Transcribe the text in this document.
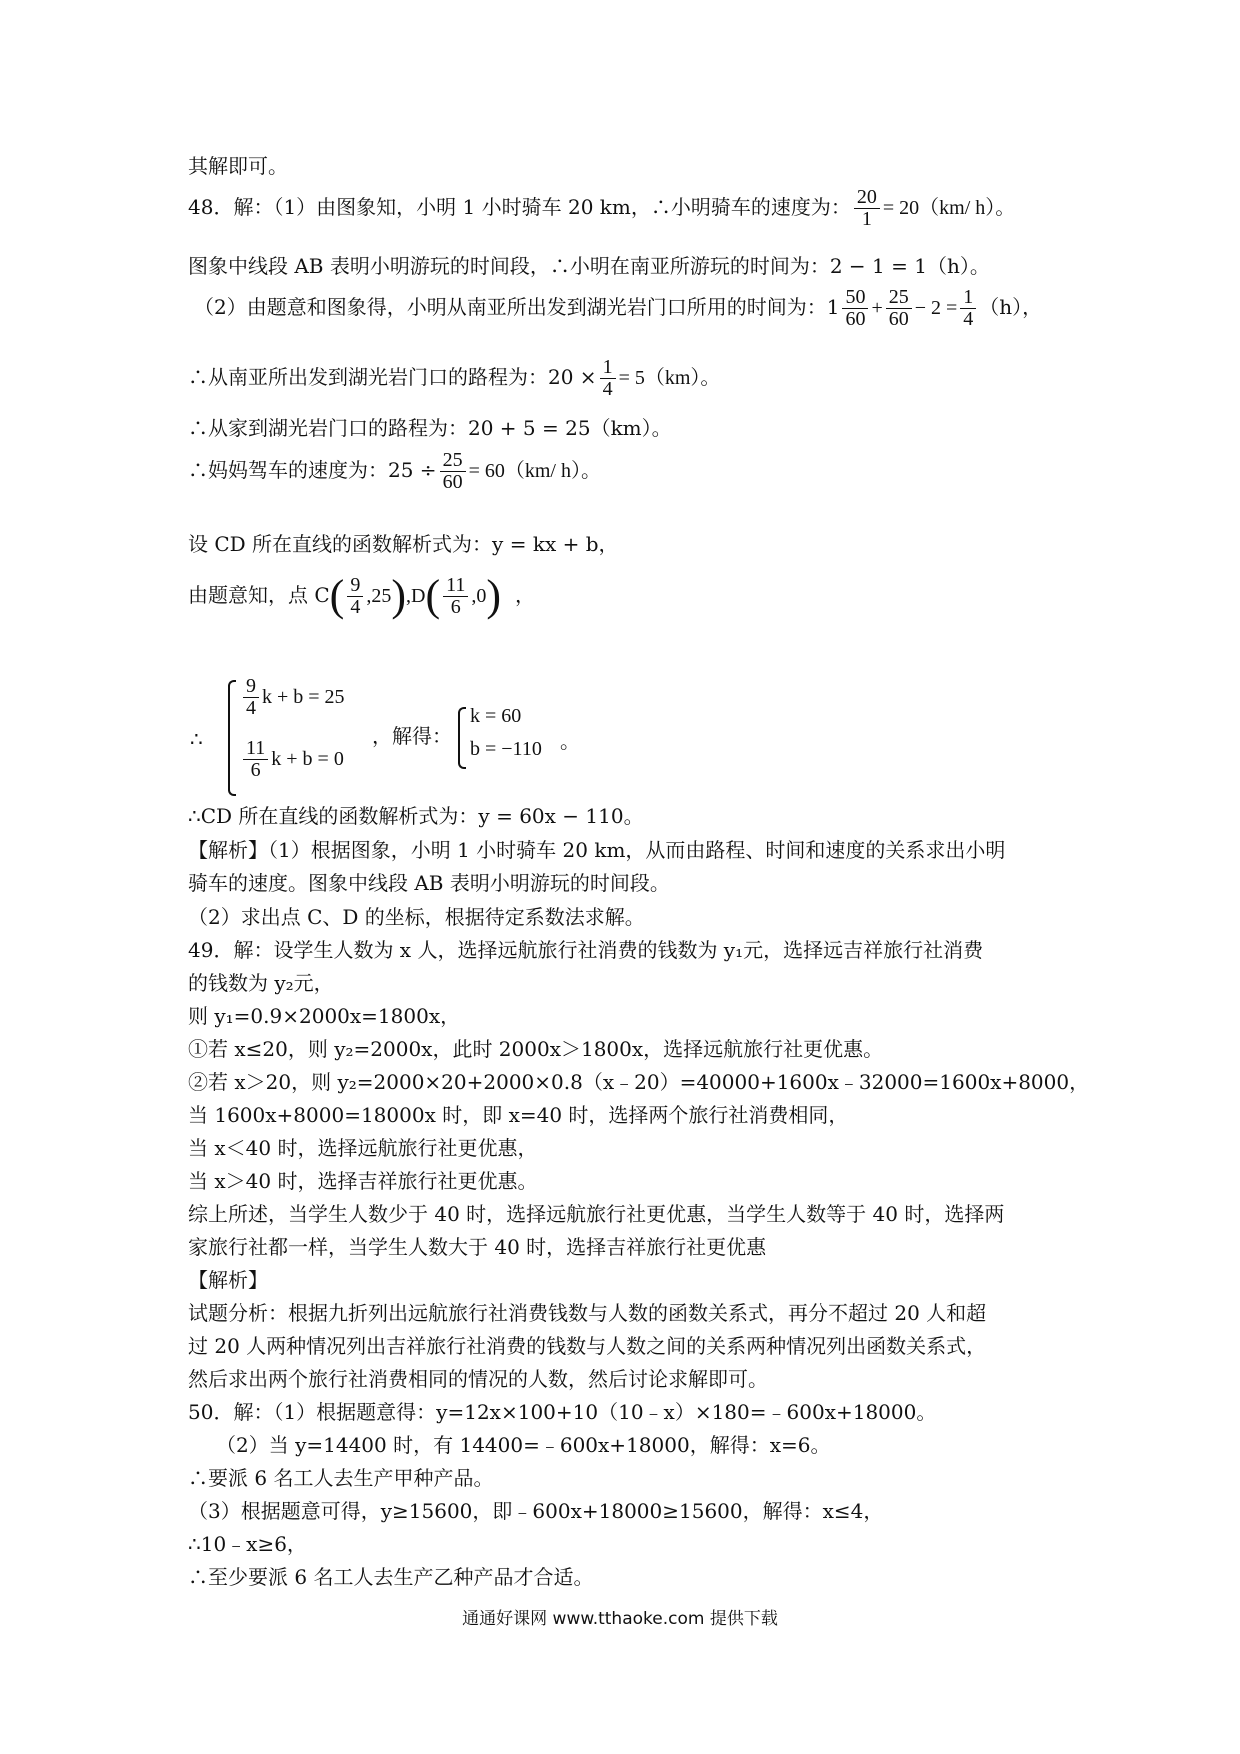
其解即可。
48．解：（1）由图象知，小明 1 小时骑车 20 km，∴小明骑车的速度为： $\frac{20}{1} = 20(km/$ h）。
图象中线段 AB 表明小明游玩的时间段，∴小明在南亚所游玩的时间为：2 − 1 = 1（h）。
（2）由题意和图象得，小明从南亚所出发到湖光岩门口所用的时间为：$1 \frac{50}{60} + \frac{25}{60} - 2 = \frac{1}{4} (h)$，
∴从南亚所出发到湖光岩门口的路程为：$20 \times \frac{1}{4} = 5(km)$。
∴从家到湖光岩门口的路程为：20 + 5 = 25（km）。
∴妈妈驾车的速度为：$25 \div \frac{25}{60} = 60(km/$ h）。
设 CD 所在直线的函数解析式为：y = kx + b，
由题意知，点 $C( \frac{9}{4} ,25),D( \frac{11}{6} ,0)$ ，
∴
$\frac{9}{4}$ k + b = 25
$\frac{11}{6}$ k + b = 0
，解得：
k = 60
b = −110 。
∴CD 所在直线的函数解析式为：y = 60x − 110。
【解析】（1）根据图象，小明 1 小时骑车 20 km，从而由路程、时间和速度的关系求出小明
骑车的速度。图象中线段 AB 表明小明游玩的时间段。
（2）求出点 C、D 的坐标，根据待定系数法求解。
49．解：设学生人数为 x 人，选择远航旅行社消费的钱数为 y₁元，选择远吉祥旅行社消费
的钱数为 y₂元，
则 y₁=0.9×2000x=1800x，
①若 x≤20，则 y₂=2000x，此时 2000x＞1800x，选择远航旅行社更优惠。
②若 x＞20，则 y₂=2000×20+2000×0.8（x﹣20）=40000+1600x﹣32000=1600x+8000，
当 1600x+8000=18000x 时，即 x=40 时，选择两个旅行社消费相同，
当 x＜40 时，选择远航旅行社更优惠，
当 x＞40 时，选择吉祥旅行社更优惠。
综上所述，当学生人数少于 40 时，选择远航旅行社更优惠，当学生人数等于 40 时，选择两
家旅行社都一样，当学生人数大于 40 时，选择吉祥旅行社更优惠
【解析】
试题分析：根据九折列出远航旅行社消费钱数与人数的函数关系式，再分不超过 20 人和超
过 20 人两种情况列出吉祥旅行社消费的钱数与人数之间的关系两种情况列出函数关系式，
然后求出两个旅行社消费相同的情况的人数，然后讨论求解即可。
50．解：（1）根据题意得：y=12x×100+10（10﹣x）×180=﹣600x+18000。
（2）当 y=14400 时，有 14400=﹣600x+18000，解得：x=6。
∴要派 6 名工人去生产甲种产品。
（3）根据题意可得，y≥15600，即﹣600x+18000≥15600，解得：x≤4，
∴10﹣x≥6，
∴至少要派 6 名工人去生产乙种产品才合适。
通通好课网 www.tthaoke.com 提供下载
